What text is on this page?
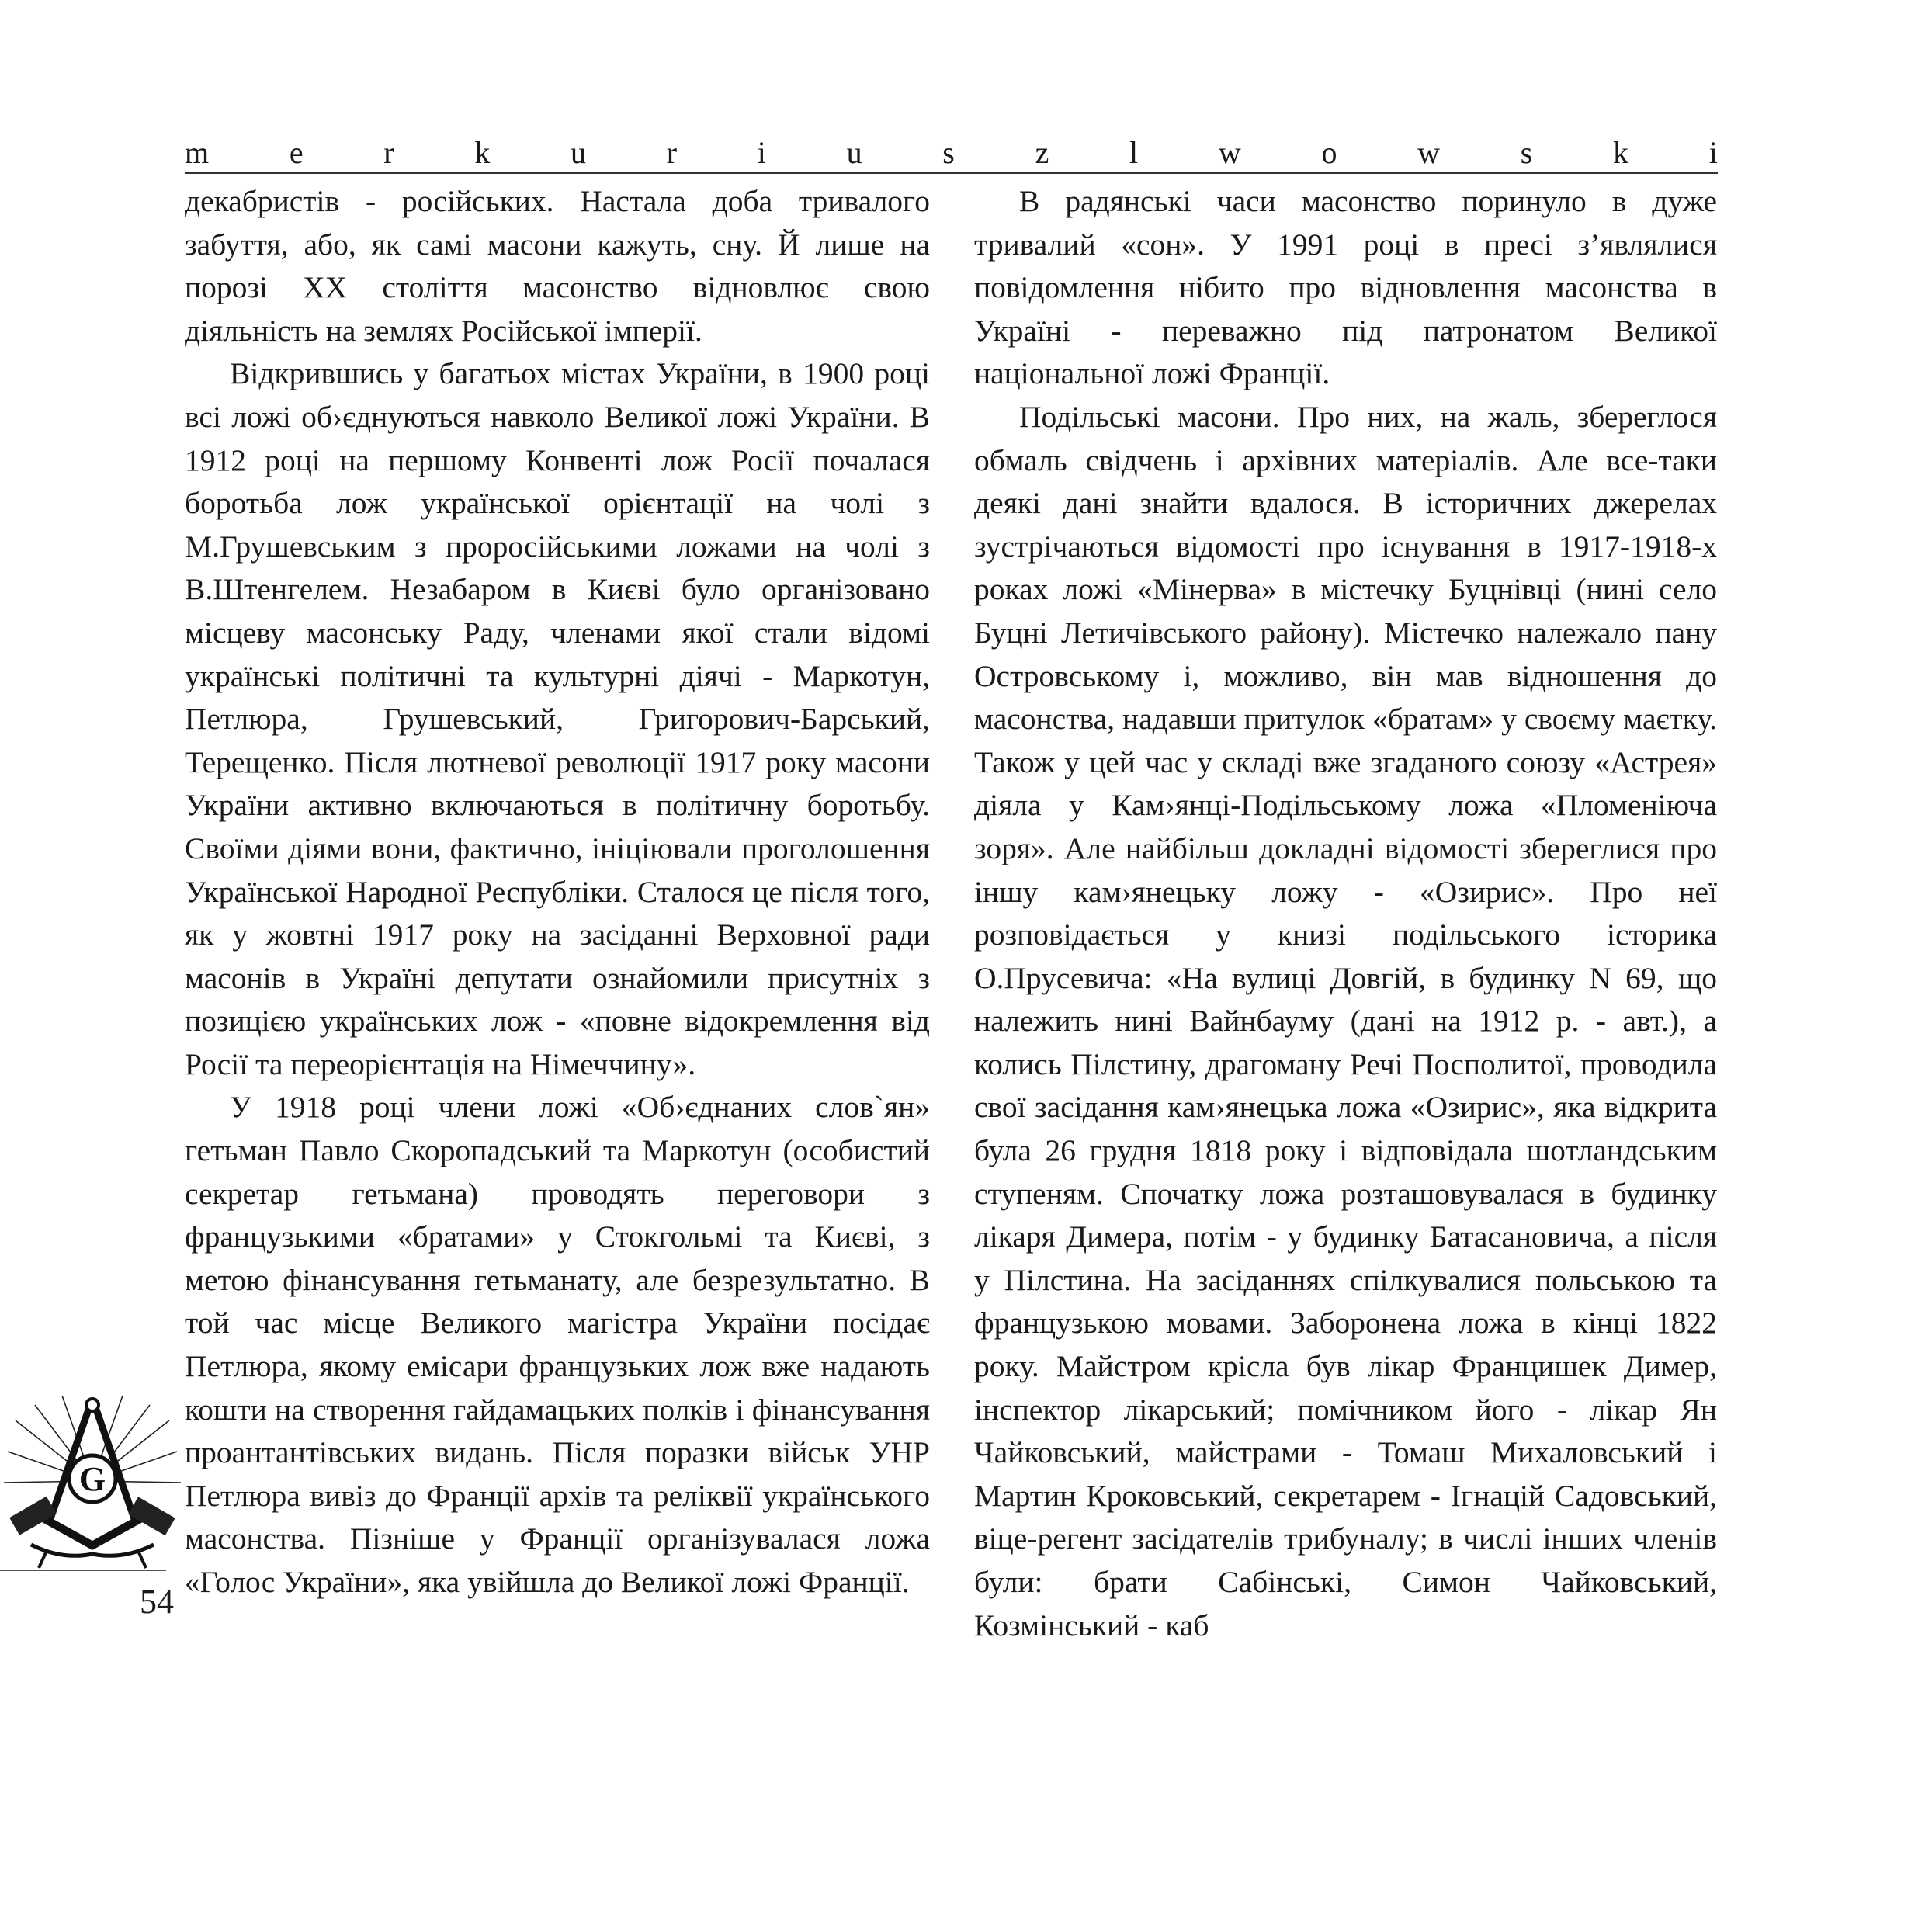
m	e	r	k	u	r	i	u	s	z	l	w	o	w	s	k	i

декабристів - російських. Настала доба тривалого забуття, або, як самі масони кажуть, сну. Й лише на порозі ХХ століття масонство відновлює свою діяльність на землях Російської імперії.

Відкрившись у багатьох містах України, в 1900 році всі ложі об›єднуються навколо Великої ложі України. В 1912 році на першому Конвенті лож Росії почалася боротьба лож української орієнтації на чолі з М.Грушевським з проросійськими ложами на чолі з В.Штенгелем. Незабаром в Києві було організовано місцеву масонську Раду, членами якої стали відомі українські політичні та культурні діячі - Маркотун, Петлюра, Грушевський, Григорович-Барський, Терещенко. Після лютневої революції 1917 року масони України активно включаються в політичну боротьбу. Своїми діями вони, фактично, ініціювали проголошення Української Народної Республіки. Сталося це після того, як у жовтні 1917 року на засіданні Верховної ради масонів в Україні депутати ознайомили присутніх з позицією українських лож - «повне відокремлення від Росії та переорієнтація на Німеччину».

У 1918 році члени ложі «Об›єднаних слов`ян» гетьман Павло Скоропадський та Маркотун (особистий секретар гетьмана) проводять переговори з французькими «братами» у Стокгольмі та Києві, з метою фінансування гетьманату, але безрезультатно. В той час місце Великого магістра України посідає Петлюра, якому емісари французьких лож вже надають кошти на створення гайдамацьких полків і фінансування проантантівських видань. Після поразки військ УНР Петлюра вивіз до Франції архів та реліквії українського масонства. Пізніше у Франції організувалася ложа «Голос України», яка увійшла до Великої ложі Франції.

В радянські часи масонство поринуло в дуже тривалий «сон». У 1991 році в пресі з’являлися повідомлення нібито про відновлення масонства в Україні - переважно під патронатом Великої національної ложі Франції.

Подільські масони. Про них, на жаль, збереглося обмаль свідчень і архівних матеріалів. Але все-таки деякі дані знайти вдалося. В історичних джерелах зустрічаються відомості про існування в 1917-1918-х роках ложі «Мінерва» в містечку Буцнівці (нині село Буцні Летичівського району). Містечко належало пану Островському і, можливо, він мав відношення до масонства, надавши притулок «братам» у своєму маєтку. Також у цей час у складі вже згаданого союзу «Астрея» діяла у Кам›янці-Подільському ложа «Пломеніюча зоря». Але найбільш докладні відомості збереглися про іншу кам›янецьку ложу - «Озирис». Про неї розповідається у книзі подільського історика О.Прусевича: «На вулиці Довгій, в будинку N 69, що належить нині Вайнбауму (дані на 1912 р. - авт.), а колись Пілстину, драгоману Речі Посполитої, проводила свої засідання кам›янецька ложа «Озирис», яка відкрита була 26 грудня 1818 року і відповідала шотландським ступеням. Спочатку ложа розташовувалася в будинку лікаря Димера, потім - у будинку Батасановича, а після у Пілстина. На засіданнях спілкувалися польською та французькою мовами. Заборонена ложа в кінці 1822 року. Майстром крісла був лікар Францишек Димер, інспектор лікарський; помічником його - лікар Ян Чайковський, майстрами - Томаш Михаловський і Мартин Кроковський, секретарем - Ігнацій Садовський, віце-регент засідателів трибуналу; в числі інших членів були: брати Сабінські, Симон Чайковський, Козмінський - каб

G
54
